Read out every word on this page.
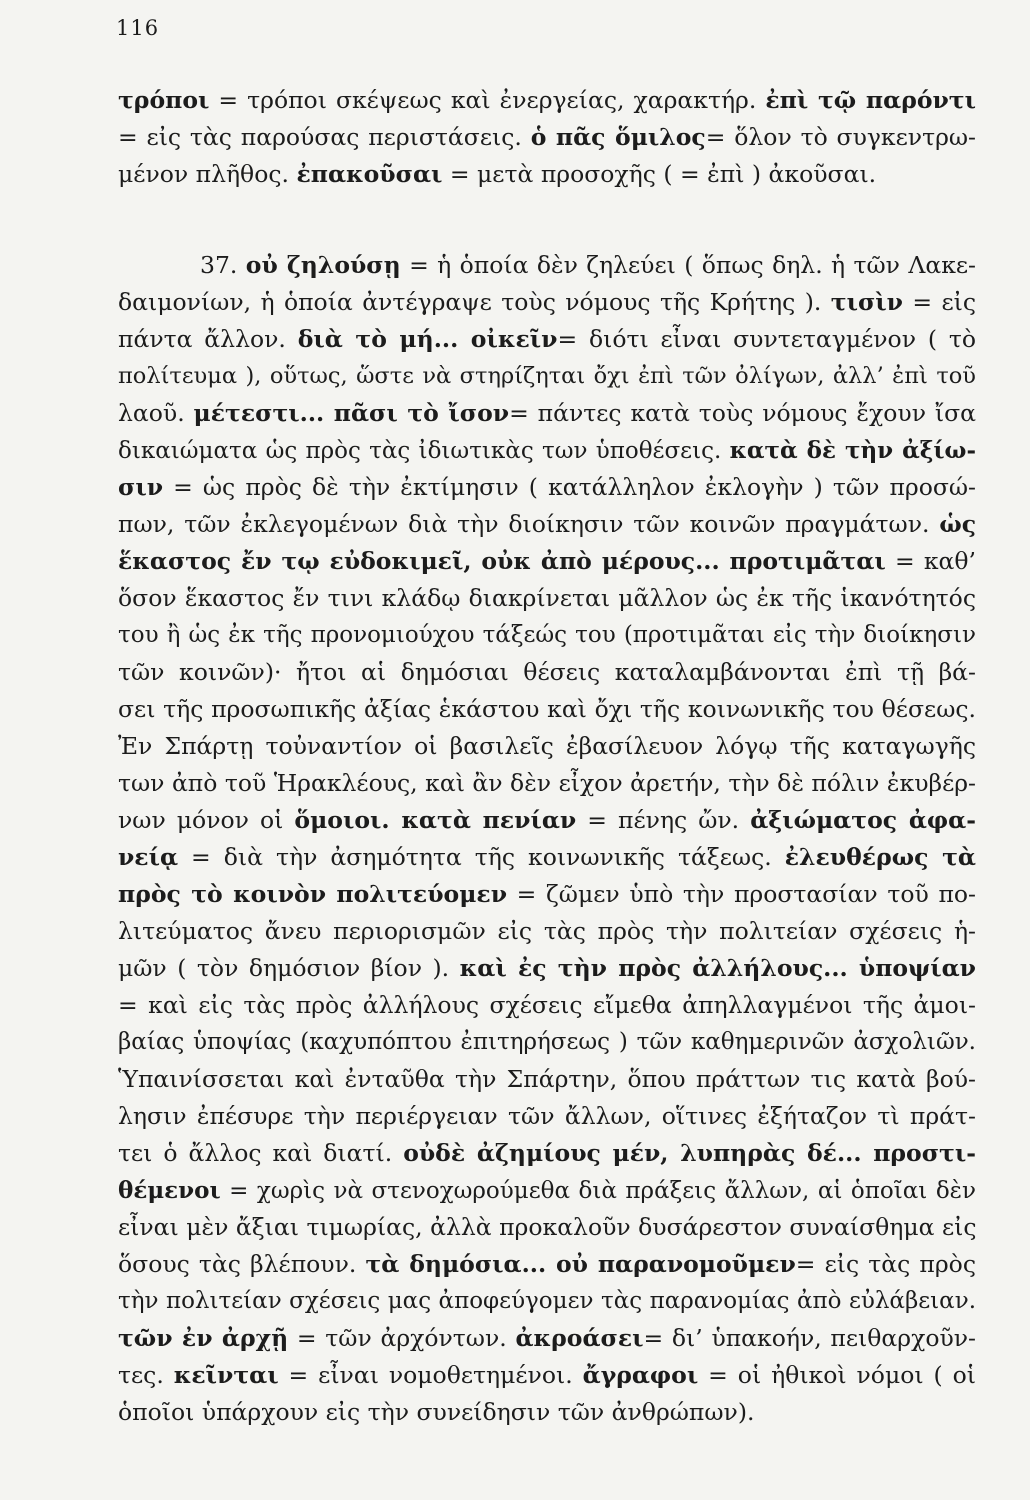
116
τρόποι = τρόποι σκέψεως καὶ ἐνεργείας, χαρακτήρ. ἐπὶ τῷ παρόντι
= εἰς τὰς παρούσας περιστάσεις. ὁ πᾶς ὅμιλος= ὅλον τὸ συγκεντρω-
μένον πλῆθος. ἐπακοῦσαι = μετὰ προσοχῆς ( = ἐπὶ ) ἀκοῦσαι.
37. οὐ ζηλούσῃ = ἡ ὁποία δὲν ζηλεύει ( ὅπως δηλ. ἡ τῶν Λακε-
δαιμονίων, ἡ ὁποία ἀντέγραψε τοὺς νόμους τῆς Κρήτης ). τισὶν = εἰς
πάντα ἄλλον. διὰ τὸ μή... οἰκεῖν= διότι εἶναι συντεταγμένον ( τὸ
πολίτευμα ), οὕτως, ὥστε νὰ στηρίζηται ὄχι ἐπὶ τῶν ὀλίγων, ἀλλ’ ἐπὶ τοῦ
λαοῦ. μέτεστι... πᾶσι τὸ ἴσον= πάντες κατὰ τοὺς νόμους ἔχουν ἴσα
δικαιώματα ὡς πρὸς τὰς ἰδιωτικὰς των ὑποθέσεις. κατὰ δὲ τὴν ἀξίω-
σιν = ὡς πρὸς δὲ τὴν ἐκτίμησιν ( κατάλληλον ἐκλογὴν ) τῶν προσώ-
πων, τῶν ἐκλεγομένων διὰ τὴν διοίκησιν τῶν κοινῶν πραγμάτων. ὡς
ἕκαστος ἔν τῳ εὐδοκιμεῖ, οὐκ ἀπὸ μέρους... προτιμᾶται = καθ’
ὅσον ἕκαστος ἔν τινι κλάδῳ διακρίνεται μᾶλλον ὡς ἐκ τῆς ἱκανότητός
του ἢ ὡς ἐκ τῆς προνομιούχου τάξεώς του (προτιμᾶται εἰς τὴν διοίκησιν
τῶν κοινῶν)· ἤτοι αἱ δημόσιαι θέσεις καταλαμβάνονται ἐπὶ τῇ βά-
σει τῆς προσωπικῆς ἀξίας ἑκάστου καὶ ὄχι τῆς κοινωνικῆς του θέσεως.
Ἐν Σπάρτῃ τοὐναντίον οἱ βασιλεῖς ἐβασίλευον λόγῳ τῆς καταγωγῆς
των ἀπὸ τοῦ Ἡρακλέους, καὶ ἂν δὲν εἶχον ἀρετήν, τὴν δὲ πόλιν ἐκυβέρ-
νων μόνον οἱ ὅμοιοι. κατὰ πενίαν = πένης ὤν. ἀξιώματος ἀφα-
νείᾳ = διὰ τὴν ἀσημότητα τῆς κοινωνικῆς τάξεως. ἐλευθέρως τὰ
πρὸς τὸ κοινὸν πολιτεύομεν = ζῶμεν ὑπὸ τὴν προστασίαν τοῦ πο-
λιτεύματος ἄνευ περιορισμῶν εἰς τὰς πρὸς τὴν πολιτείαν σχέσεις ἡ-
μῶν ( τὸν δημόσιον βίον ). καὶ ἐς τὴν πρὸς ἀλλήλους... ὑποψίαν
= καὶ εἰς τὰς πρὸς ἀλλήλους σχέσεις εἴμεθα ἀπηλλαγμένοι τῆς ἀμοι-
βαίας ὑποψίας (καχυπόπτου ἐπιτηρήσεως ) τῶν καθημερινῶν ἀσχολιῶν.
Ὑπαινίσσεται καὶ ἐνταῦθα τὴν Σπάρτην, ὅπου πράττων τις κατὰ βού-
λησιν ἐπέσυρε τὴν περιέργειαν τῶν ἄλλων, οἵτινες ἐξήταζον τὶ πράτ-
τει ὁ ἄλλος καὶ διατί. οὐδὲ ἀζημίους μέν, λυπηρὰς δέ... προστι-
θέμενοι = χωρὶς νὰ στενοχωρούμεθα διὰ πράξεις ἄλλων, αἱ ὁποῖαι δὲν
εἶναι μὲν ἄξιαι τιμωρίας, ἀλλὰ προκαλοῦν δυσάρεστον συναίσθημα εἰς
ὅσους τὰς βλέπουν. τὰ δημόσια... οὐ παρανομοῦμεν= εἰς τὰς πρὸς
τὴν πολιτείαν σχέσεις μας ἀποφεύγομεν τὰς παρανομίας ἀπὸ εὐλάβειαν.
τῶν ἐν ἀρχῇ = τῶν ἀρχόντων. ἀκροάσει= δι’ ὑπακοήν, πειθαρχοῦν-
τες. κεῖνται = εἶναι νομοθετημένοι. ἄγραφοι = οἱ ἠθικοὶ νόμοι ( οἱ
ὁποῖοι ὑπάρχουν εἰς τὴν συνείδησιν τῶν ἀνθρώπων).
